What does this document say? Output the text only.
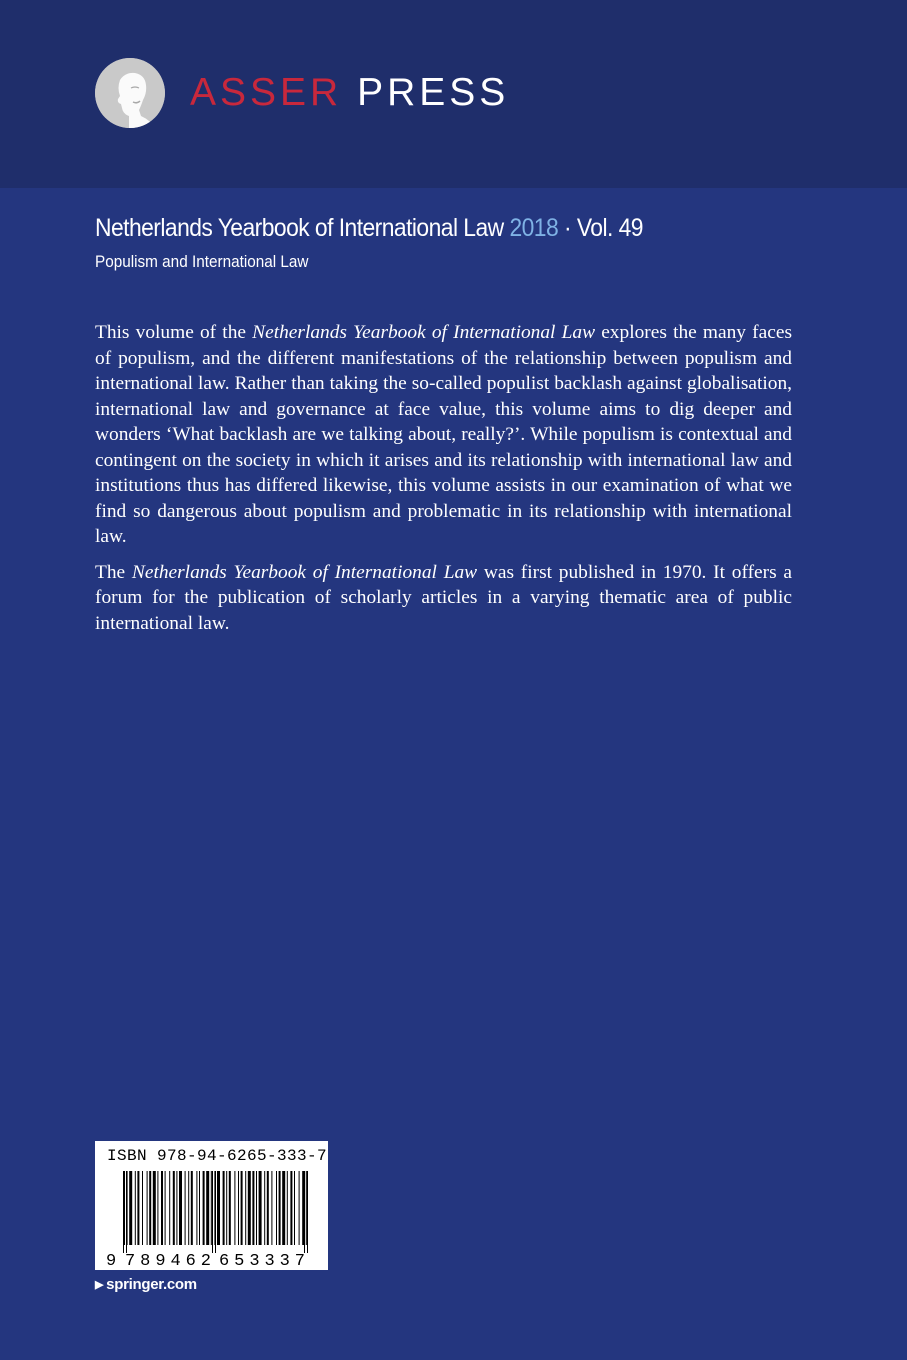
ASSER PRESS
Netherlands Yearbook of International Law 2018 · Vol. 49
Populism and International Law

This volume of the Netherlands Yearbook of International Law explores the many faces of populism, and the different manifestations of the relationship between populism and international law. Rather than taking the so-called populist backlash against globalisation, international law and governance at face value, this volume aims to dig deeper and wonders ‘What backlash are we talking about, really?’. While populism is contextual and contingent on the society in which it arises and its relationship with international law and institutions thus has differed likewise, this volume assists in our examination of what we find so dangerous about populism and problematic in its relationship with international law.

The Netherlands Yearbook of International Law was first published in 1970. It offers a forum for the publication of scholarly articles in a varying thematic area of public international law.

ISBN 978-94-6265-333-7
9 789462 653337
▶ springer.com
